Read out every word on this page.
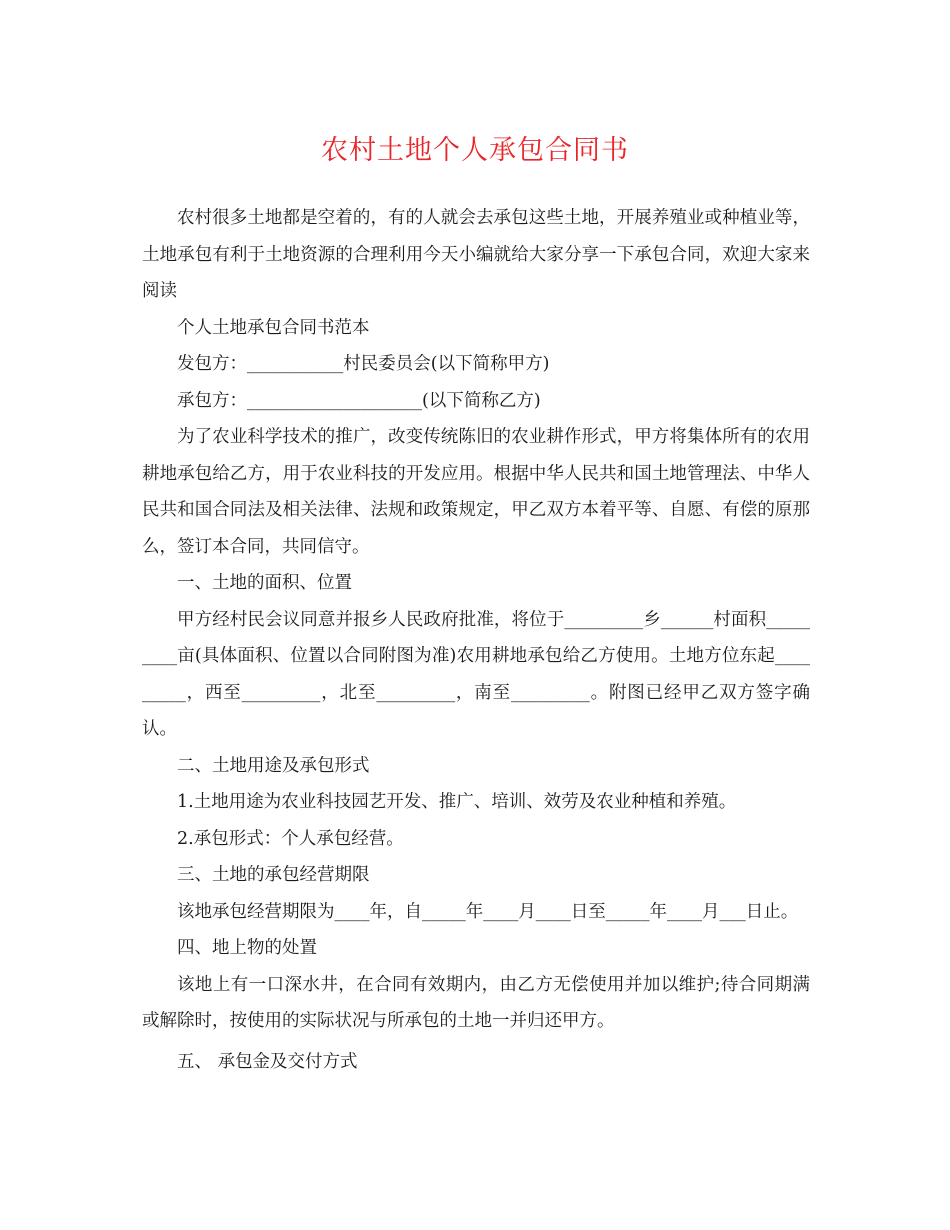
农村土地个人承包合同书

农村很多土地都是空着的，有的人就会去承包这些土地，开展养殖业或种植业等，土地承包有利于土地资源的合理利用今天小编就给大家分享一下承包合同，欢迎大家来阅读

个人土地承包合同书范本

发包方：___________村民委员会(以下简称甲方)

承包方：____________________(以下简称乙方)

为了农业科学技术的推广，改变传统陈旧的农业耕作形式，甲方将集体所有的农用耕地承包给乙方，用于农业科技的开发应用。根据中华人民共和国土地管理法、中华人民共和国合同法及相关法律、法规和政策规定，甲乙双方本着平等、自愿、有偿的原那么，签订本合同，共同信守。

一、土地的面积、位置

甲方经村民会议同意并报乡人民政府批准，将位于_________乡______村面积_________亩(具体面积、位置以合同附图为准)农用耕地承包给乙方使用。土地方位东起_________，西至_________，北至_________，南至_________。附图已经甲乙双方签字确认。

二、土地用途及承包形式

1.土地用途为农业科技园艺开发、推广、培训、效劳及农业种植和养殖。

2.承包形式：个人承包经营。

三、土地的承包经营期限

该地承包经营期限为____年，自_____年____月____日至_____年____月___日止。

四、地上物的处置

该地上有一口深水井，在合同有效期内，由乙方无偿使用并加以维护;待合同期满或解除时，按使用的实际状况与所承包的土地一并归还甲方。

五、 承包金及交付方式
